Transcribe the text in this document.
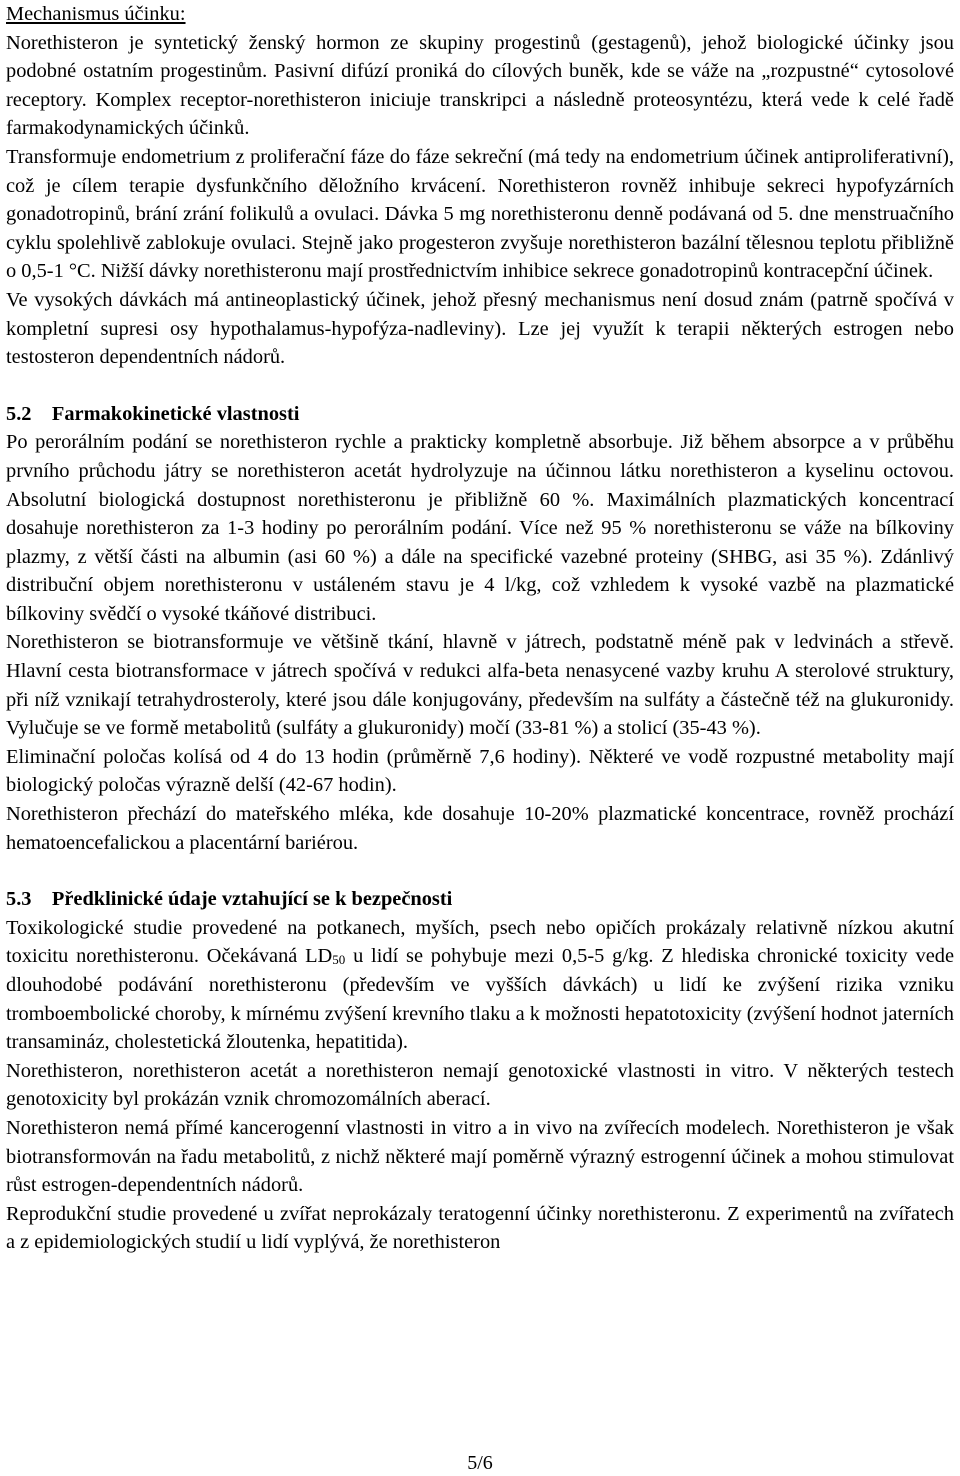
Mechanismus účinku:

Norethisteron je syntetický ženský hormon ze skupiny progestinů (gestagenů), jehož biologické účinky jsou podobné ostatním progestinům. Pasivní difúzí proniká do cílových buněk, kde se váže na „rozpustné“ cytosolové receptory. Komplex receptor-norethisteron iniciuje transkripci a následně proteosyntézu, která vede k celé řadě farmakodynamických účinků.

Transformuje endometrium z proliferační fáze do fáze sekreční (má tedy na endometrium účinek antiproliferativní), což je cílem terapie dysfunkčního děložního krvácení. Norethisteron rovněž inhibuje sekreci hypofyzárních gonadotropinů, brání zrání folikulů a ovulaci. Dávka 5 mg norethisteronu denně podávaná od 5. dne menstruačního cyklu spolehlivě zablokuje ovulaci. Stejně jako progesteron zvyšuje norethisteron bazální tělesnou teplotu přibližně o 0,5-1 °C. Nižší dávky norethisteronu mají prostřednictvím inhibice sekrece gonadotropinů kontracepční účinek.

Ve vysokých dávkách má antineoplastický účinek, jehož přesný mechanismus není dosud znám (patrně spočívá v kompletní supresi osy hypothalamus-hypofýza-nadleviny). Lze jej využít k terapii některých estrogen nebo testosteron dependentních nádorů.

5.2 Farmakokinetické vlastnosti

Po perorálním podání se norethisteron rychle a prakticky kompletně absorbuje. Již během absorpce a v průběhu prvního průchodu játry se norethisteron acetát hydrolyzuje na účinnou látku norethisteron a kyselinu octovou. Absolutní biologická dostupnost norethisteronu je přibližně 60 %. Maximálních plazmatických koncentrací dosahuje norethisteron za 1-3 hodiny po perorálním podání. Více než 95 % norethisteronu se váže na bílkoviny plazmy, z větší části na albumin (asi 60 %) a dále na specifické vazebné proteiny (SHBG, asi 35 %). Zdánlivý distribuční objem norethisteronu v ustáleném stavu je 4 l/kg, což vzhledem k vysoké vazbě na plazmatické bílkoviny svědčí o vysoké tkáňové distribuci.

Norethisteron se biotransformuje ve většině tkání, hlavně v játrech, podstatně méně pak v ledvinách a střevě. Hlavní cesta biotransformace v játrech spočívá v redukci alfa-beta nenasycené vazby kruhu A sterolové struktury, při níž vznikají tetrahydrosteroly, které jsou dále konjugovány, především na sulfáty a částečně též na glukuronidy. Vylučuje se ve formě metabolitů (sulfáty a glukuronidy) močí (33-81 %) a stolicí (35-43 %).

Eliminační poločas kolísá od 4 do 13 hodin (průměrně 7,6 hodiny). Některé ve vodě rozpustné metabolity mají biologický poločas výrazně delší (42-67 hodin).

Norethisteron přechází do mateřského mléka, kde dosahuje 10-20% plazmatické koncentrace, rovněž prochází hematoencefalickou a placentární bariérou.

5.3 Předklinické údaje vztahující se k bezpečnosti

Toxikologické studie provedené na potkanech, myších, psech nebo opičích prokázaly relativně nízkou akutní toxicitu norethisteronu. Očekávaná $LD_{50}$ u lidí se pohybuje mezi 0,5-5 g/kg. Z hlediska chronické toxicity vede dlouhodobé podávání norethisteronu (především ve vyšších dávkách) u lidí ke zvýšení rizika vzniku tromboembolické choroby, k mírnému zvýšení krevního tlaku a k možnosti hepatotoxicity (zvýšení hodnot jaterních transamináz, cholestetická žloutenka, hepatitida).

Norethisteron, norethisteron acetát a norethisteron nemají genotoxické vlastnosti in vitro. V některých testech genotoxicity byl prokázán vznik chromozomálních aberací.

Norethisteron nemá přímé kancerogenní vlastnosti in vitro a in vivo na zvířecích modelech. Norethisteron je však biotransformován na řadu metabolitů, z nichž některé mají poměrně výrazný estrogenní účinek a mohou stimulovat růst estrogen-dependentních nádorů.

Reprodukční studie provedené u zvířat neprokázaly teratogenní účinky norethisteronu. Z experimentů na zvířatech a z epidemiologických studií u lidí vyplývá, že norethisteron

5/6
